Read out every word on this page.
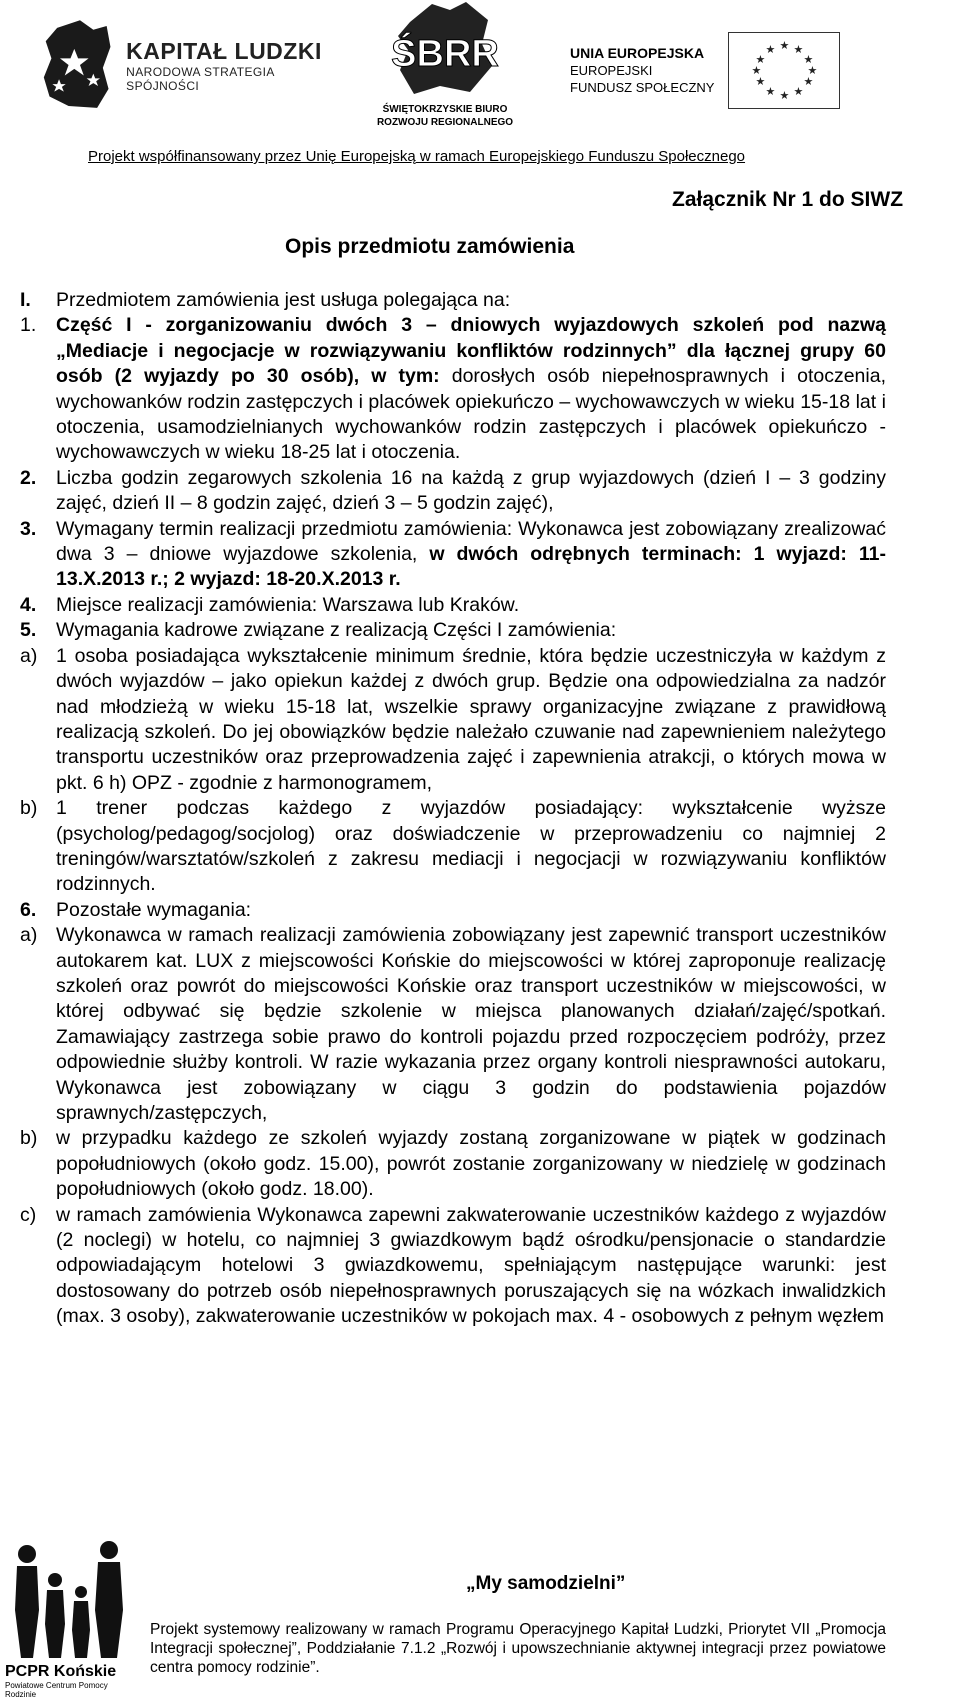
KAPITAŁ LUDZKI
NARODOWA STRATEGIA SPÓJNOŚCI
ŚBRR
ŚWIĘTOKRZYSKIE BIURO
ROZWOJU REGIONALNEGO
UNIA EUROPEJSKA
EUROPEJSKI
FUNDUSZ SPOŁECZNY
★ ★
★
★
★
★
★
★
★
★
★
★
Projekt współfinansowany przez Unię Europejską w ramach Europejskiego Funduszu Społecznego
Załącznik Nr 1 do SIWZ
Opis przedmiotu zamówienia
I.	Przedmiotem zamówienia jest usługa polegająca na:
1.	Część I - zorganizowaniu dwóch 3 – dniowych wyjazdowych szkoleń pod nazwą „Mediacje i negocjacje w rozwiązywaniu konfliktów rodzinnych” dla łącznej grupy 60 osób (2 wyjazdy po 30 osób), w tym: dorosłych osób niepełnosprawnych i otoczenia, wychowanków rodzin zastępczych i placówek opiekuńczo – wychowawczych w wieku 15-18 lat i otoczenia, usamodzielnianych wychowanków rodzin zastępczych i placówek opiekuńczo - wychowawczych w wieku 18-25 lat i otoczenia.
2.	Liczba godzin zegarowych szkolenia 16 na każdą z grup wyjazdowych (dzień I – 3 godziny zajęć, dzień II – 8 godzin zajęć, dzień 3 – 5 godzin zajęć),
3.	Wymagany termin realizacji przedmiotu zamówienia: Wykonawca jest zobowiązany zrealizować dwa 3 – dniowe wyjazdowe szkolenia, w dwóch odrębnych terminach: 1 wyjazd: 11-13.X.2013 r.; 2 wyjazd: 18-20.X.2013 r.
4.	Miejsce realizacji zamówienia: Warszawa lub Kraków.
5.	Wymagania kadrowe związane z realizacją Części I zamówienia:
a) 1 osoba posiadająca wykształcenie minimum średnie, która będzie uczestniczyła w każdym z dwóch wyjazdów – jako opiekun każdej z dwóch grup. Będzie ona odpowiedzialna za nadzór nad młodzieżą w wieku 15-18 lat, wszelkie sprawy organizacyjne związane z prawidłową realizacją szkoleń. Do jej obowiązków będzie należało czuwanie nad zapewnieniem należytego transportu uczestników oraz przeprowadzenia zajęć i zapewnienia atrakcji, o których mowa w pkt. 6 h) OPZ - zgodnie z harmonogramem,
b) 1 trener podczas każdego z wyjazdów posiadający: wykształcenie wyższe (psycholog/pedagog/socjolog) oraz doświadczenie w przeprowadzeniu co najmniej 2 treningów/warsztatów/szkoleń z zakresu mediacji i negocjacji w rozwiązywaniu konfliktów rodzinnych.
6.	Pozostałe wymagania:
a) Wykonawca w ramach realizacji zamówienia zobowiązany jest zapewnić transport uczestników autokarem kat. LUX z miejscowości Końskie do miejscowości w której zaproponuje realizację szkoleń oraz powrót do miejscowości Końskie oraz transport uczestników w miejscowości, w której odbywać się będzie szkolenie w miejsca planowanych działań/zajęć/spotkań. Zamawiający zastrzega sobie prawo do kontroli pojazdu przed rozpoczęciem podróży, przez odpowiednie służby kontroli. W razie wykazania przez organy kontroli niesprawności autokaru, Wykonawca jest zobowiązany w ciągu 3 godzin do podstawienia pojazdów sprawnych/zastępczych,
b) w przypadku każdego ze szkoleń wyjazdy zostaną zorganizowane w piątek w godzinach popołudniowych (około godz. 15.00), powrót zostanie zorganizowany w niedzielę w godzinach popołudniowych (około godz. 18.00).
c)	w ramach zamówienia Wykonawca zapewni zakwaterowanie uczestników każdego z wyjazdów (2 noclegi) w hotelu, co najmniej 3 gwiazdkowym bądź ośrodku/pensjonacie o standardzie odpowiadającym hotelowi 3 gwiazdkowemu, spełniającym następujące warunki: jest dostosowany do potrzeb osób niepełnosprawnych poruszających się na wózkach inwalidzkich (max. 3 osoby), zakwaterowanie uczestników w pokojach max. 4 - osobowych z pełnym węzłem
PCPR Końskie
Powiatowe Centrum Pomocy Rodzinie
„My samodzielni”
Projekt systemowy realizowany w ramach Programu Operacyjnego Kapitał Ludzki, Priorytet VII „Promocja Integracji społecznej”, Poddziałanie 7.1.2 „Rozwój i upowszechnianie aktywnej integracji przez powiatowe centra pomocy rodzinie”.
